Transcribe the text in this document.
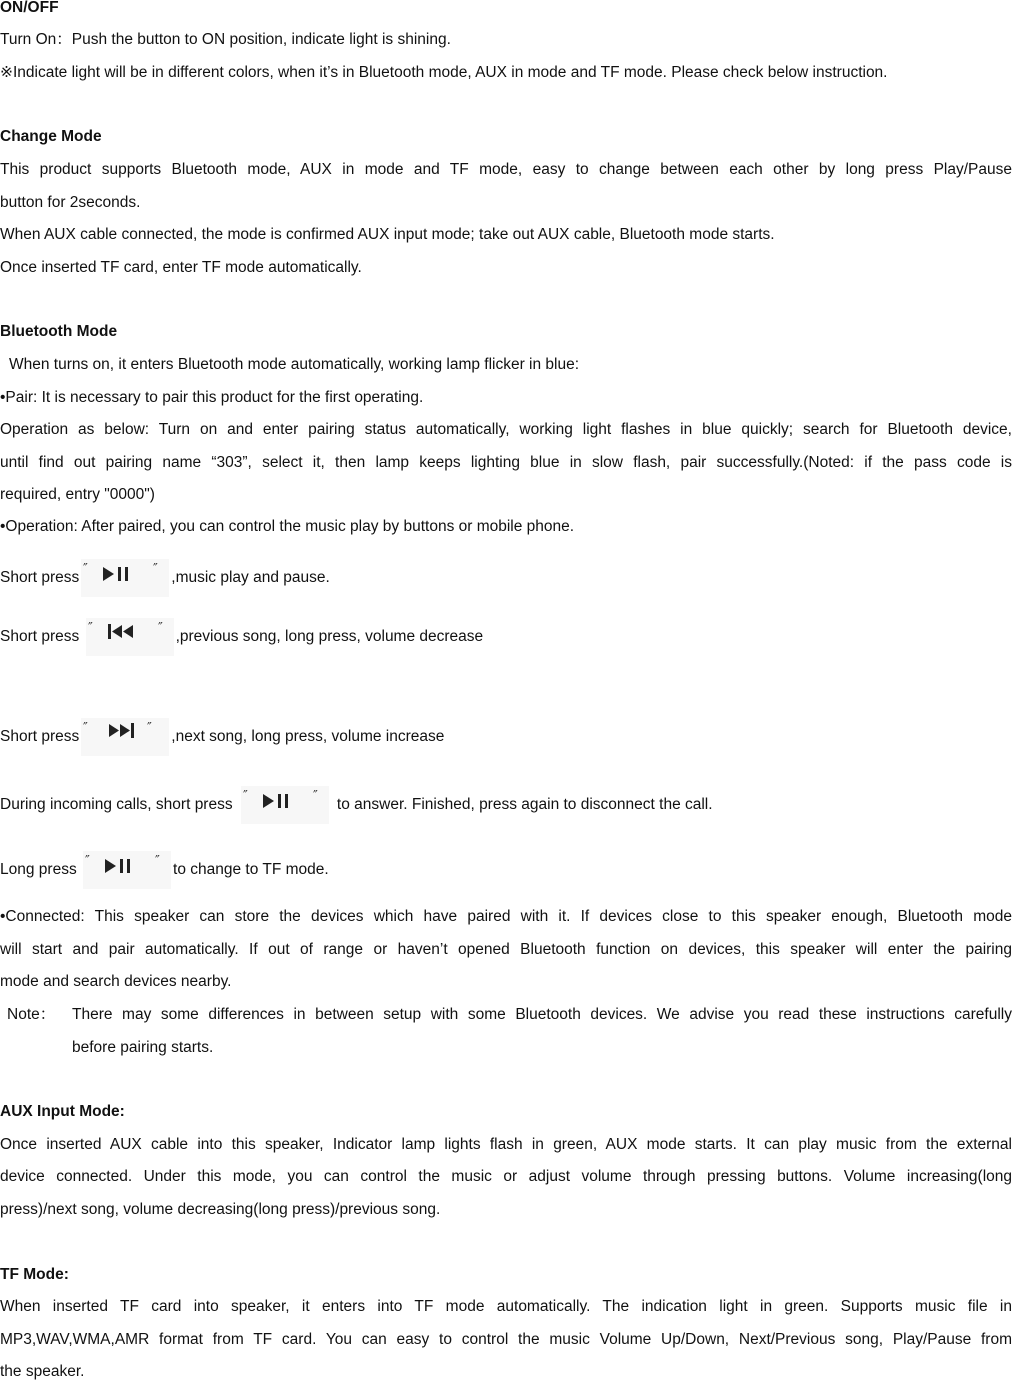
ON/OFF
Turn On：Push the button to ON position, indicate light is shining.
※Indicate light will be in different colors, when it’s in Bluetooth mode, AUX in mode and TF mode. Please check below instruction.
Change Mode
This product supports Bluetooth mode, AUX in mode and TF mode, easy to change between each other by long press Play/Pause
button for 2seconds.
When AUX cable connected, the mode is confirmed AUX input mode; take out AUX cable, Bluetooth mode starts.
Once inserted TF card, enter TF mode automatically.
Bluetooth Mode
When turns on, it enters Bluetooth mode automatically, working lamp flicker in blue:
•Pair: It is necessary to pair this product for the first operating.
Operation as below: Turn on and enter pairing status automatically, working light flashes in blue quickly; search for Bluetooth device,
until find out pairing name “303”, select it, then lamp keeps lighting blue in slow flash, pair successfully.(Noted: if the pass code is
required, entry "0000")
•Operation: After paired, you can control the music play by buttons or mobile phone.
Short press ″	″ ,music play and pause.
Short press ″	″ ,previous song, long press, volume decrease
Short press ″	″ ,next song, long press, volume increase
During incoming calls, short press ″	″ to answer. Finished, press again to disconnect the call.
Long press ″	″ to change to TF mode.
•Connected: This speaker can store the devices which have paired with it. If devices close to this speaker enough, Bluetooth mode
will start and pair automatically. If out of range or haven’t opened Bluetooth function on devices, this speaker will enter the pairing
mode and search devices nearby.
Note： There may some differences in between setup with some Bluetooth devices. We advise you read these instructions carefully
before pairing starts.
AUX Input Mode:
Once inserted AUX cable into this speaker, Indicator lamp lights flash in green, AUX mode starts. It can play music from the external
device connected. Under this mode, you can control the music or adjust volume through pressing buttons. Volume increasing(long
press)/next song, volume decreasing(long press)/previous song.
TF Mode:
When inserted TF card into speaker, it enters into TF mode automatically. The indication light in green. Supports music file in
MP3,WAV,WMA,AMR format from TF card. You can easy to control the music Volume Up/Down, Next/Previous song, Play/Pause from
the speaker.
